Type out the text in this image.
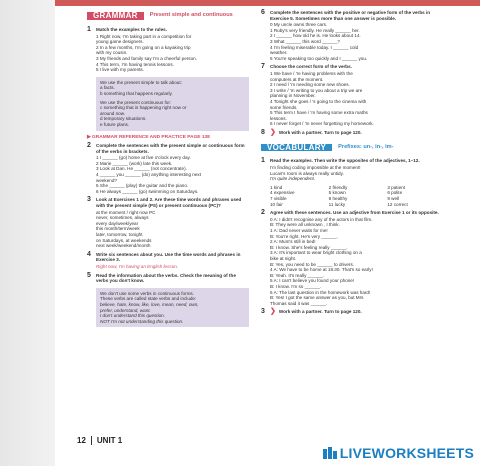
GRAMMAR	Present simple and continuous
1	Match the examples to the rules.
1 Right now, I'm taking part in a competition for
young game designers.
2 In a few months, I'm going on a kayaking trip
with my cousin.
3 My friends and family say I'm a cheerful person.
4 This term, I'm having tennis lessons.
5 I live with my parents.
We use the present simple to talk about:
a facts.
b something that happens regularly.
We use the present continuous for:
c something that is happening right now or
around now.
d temporary situations.
e future plans.
▶ GRAMMAR REFERENCE AND PRACTICE PAGE 138
2	Complete the sentences with the present simple or continuous form of the verbs in brackets.
1 I ______ (go) home at five o'clock every day.
2 Marie ______ (work) late this week.
3 Look at Dan. He ______ (not concentrate).
4 ______ you ______ (do) anything interesting next
weekend?
5 She ______ (play) the guitar and the piano.
6 He always ______ (go) swimming on Saturdays.
3	Look at Exercises 1 and 2. Are these time words and phrases used with the present simple (PS) or present continuous (PC)?
at the moment / right now PC
never, sometimes, always
every day/week/year
this month/term/week
later, tomorrow, tonight
on Saturdays, at weekends
next week/weekend/month
4	Write six sentences about you. Use the time words and phrases in Exercise 3.
Right now, I'm having an English lesson.
5	Read the information about the verbs. Check the meaning of the verbs you don't know.
We don't use some verbs in continuous forms.
These verbs are called state verbs and include:
believe, hate, know, like, love, mean, need, own,
prefer, understand, want.
I don't understand this question.
NOT I'm not understanding this question.
6	Complete the sentences with the positive or negative form of the verbs in Exercise 5. Sometimes more than one answer is possible.
0 My uncle owns three cars.
1 Ruby's very friendly. He really ______ her.
2 I ______ how old he is. He looks about 14.
3 What ______ this word ______?
4 I'm feeling miserable today. I ______ cold
weather.
5 You're speaking too quickly and I ______ you.
7	Choose the correct form of the verbs.
1 We have / 're having problems with the
computers at the moment.
2 I need / 'm needing some new shoes.
3 I write / 'm writing to you about a trip we are
planning in November.
4 Tonight she goes / 's going to the cinema with
some friends.
5 This term I have / 'm having some extra maths
lessons.
6 I never forget / 'm never forgetting my homework.
8 ❯ Work with a partner. Turn to page 120.
VOCABULARY	Prefixes: un-, in-, im-
1	Read the examples. Then write the opposites of the adjectives, 1–12.
I'm finding coding impossible at the moment!
Lucas's room is always really untidy.
I'm quite independent.
1 kind	2 friendly	3 patient
4 expensive	5 known	6 polite
7 visible	8 healthy	9 well
10 fair	11 lucky	12 correct
2	Agree with these sentences. Use an adjective from Exercise 1 or its opposite.
0 A: I didn't recognise any of the actors in that film.
B: They were all unknown , I think.
1 A: Dad never waits for me!
B: You're right. He's very ______.
2 A: Mum's still in bed!
B: I know. She's feeling really ______.
3 A: It's important to wear bright clothing on a
bike at night.
B: Yes, you need to be ______ to drivers.
4 A: We have to be home at 18.30. That's so early!
B: Yeah. It's really ______.
5 A: I can't believe you found your phone!
B: I know. I'm so ______.
6 A: The last question in the homework was hard!
B: Yes! I got the same answer as you, but Mrs
Thomas said it was ______.
3 ❯ Work with a partner. Turn to page 120.
12	UNIT 1
LIVEWORKSHEETS
